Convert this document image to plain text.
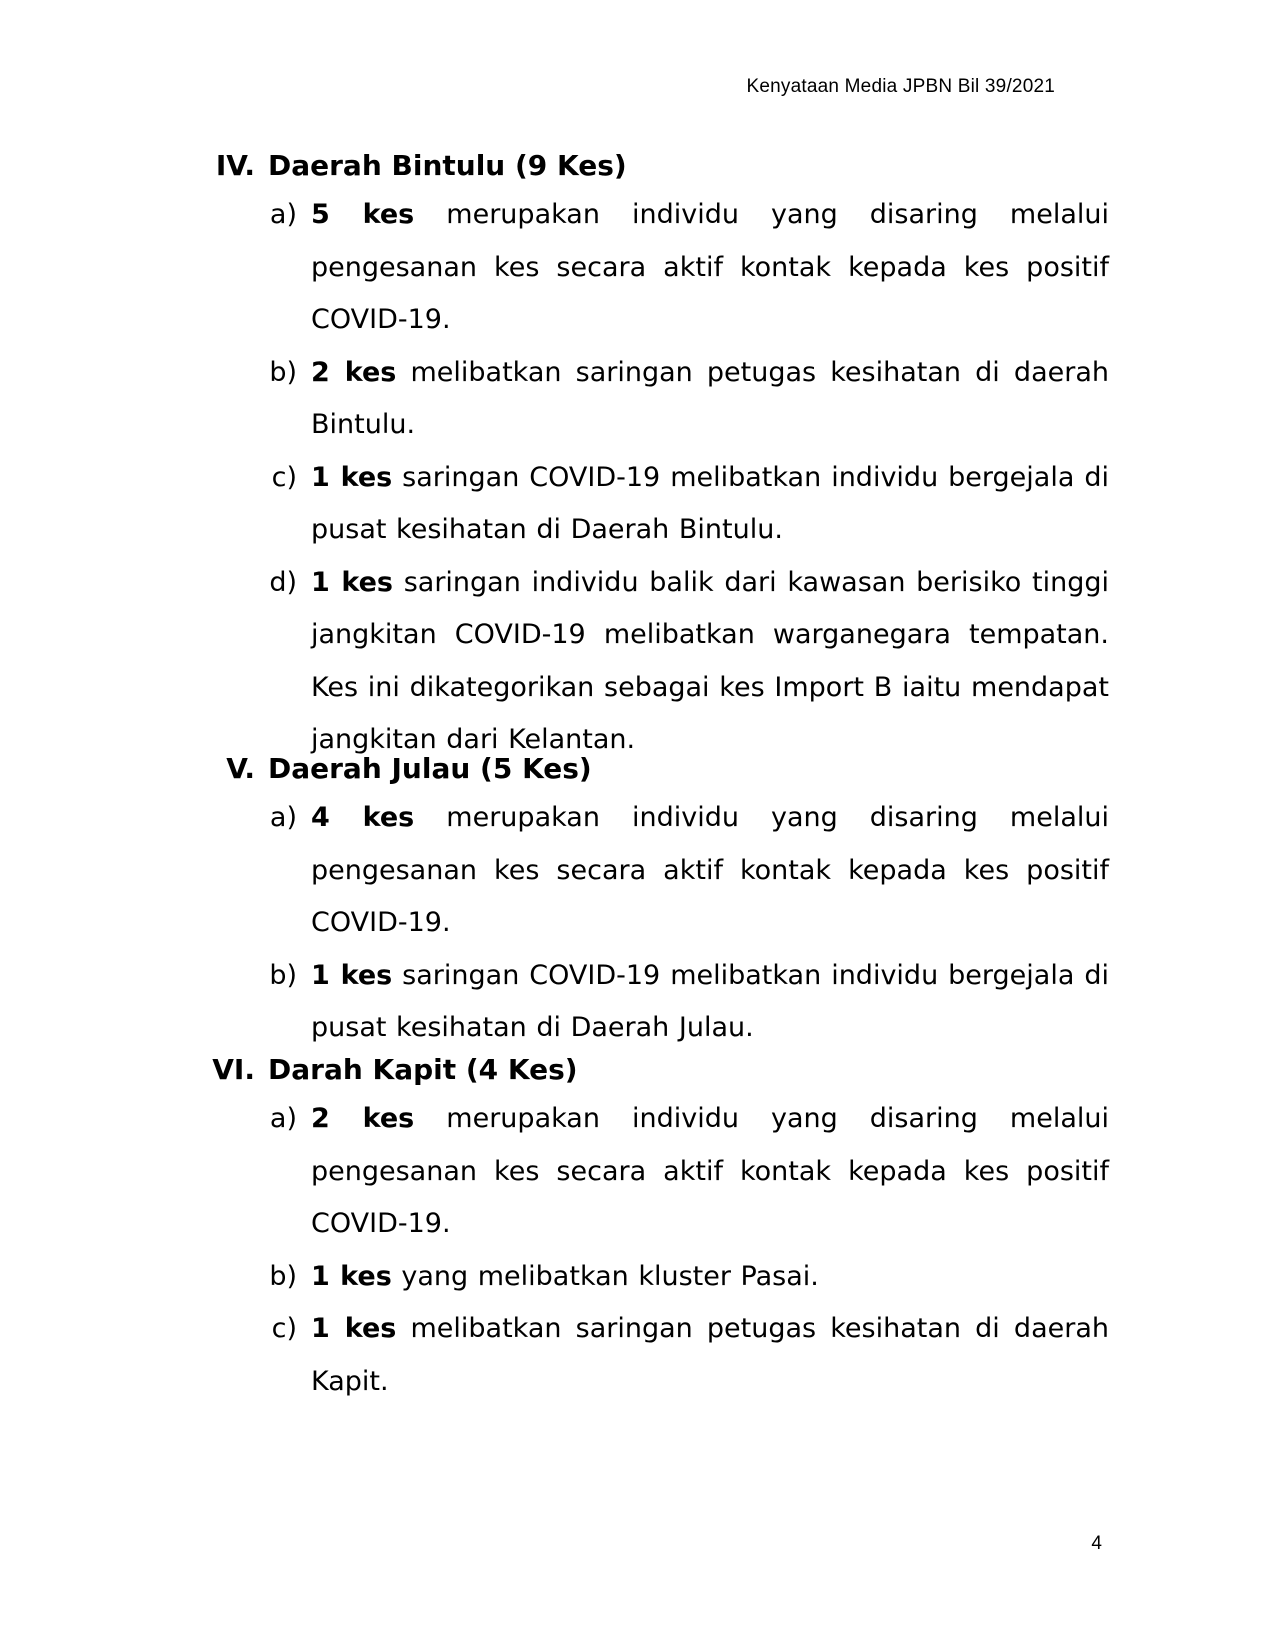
Kenyataan Media JPBN Bil 39/2021
IV. Daerah Bintulu (9 Kes)
a) 5 kes merupakan individu yang disaring melalui pengesanan kes secara aktif kontak kepada kes positif COVID-19.
b) 2 kes melibatkan saringan petugas kesihatan di daerah Bintulu.
c) 1 kes saringan COVID-19 melibatkan individu bergejala di pusat kesihatan di Daerah Bintulu.
d) 1 kes saringan individu balik dari kawasan berisiko tinggi jangkitan COVID-19 melibatkan warganegara tempatan. Kes ini dikategorikan sebagai kes Import B iaitu mendapat jangkitan dari Kelantan.
V. Daerah Julau (5 Kes)
a) 4 kes merupakan individu yang disaring melalui pengesanan kes secara aktif kontak kepada kes positif COVID-19.
b) 1 kes saringan COVID-19 melibatkan individu bergejala di pusat kesihatan di Daerah Julau.
VI. Darah Kapit (4 Kes)
a) 2 kes merupakan individu yang disaring melalui pengesanan kes secara aktif kontak kepada kes positif COVID-19.
b) 1 kes yang melibatkan kluster Pasai.
c) 1 kes melibatkan saringan petugas kesihatan di daerah Kapit.
4
